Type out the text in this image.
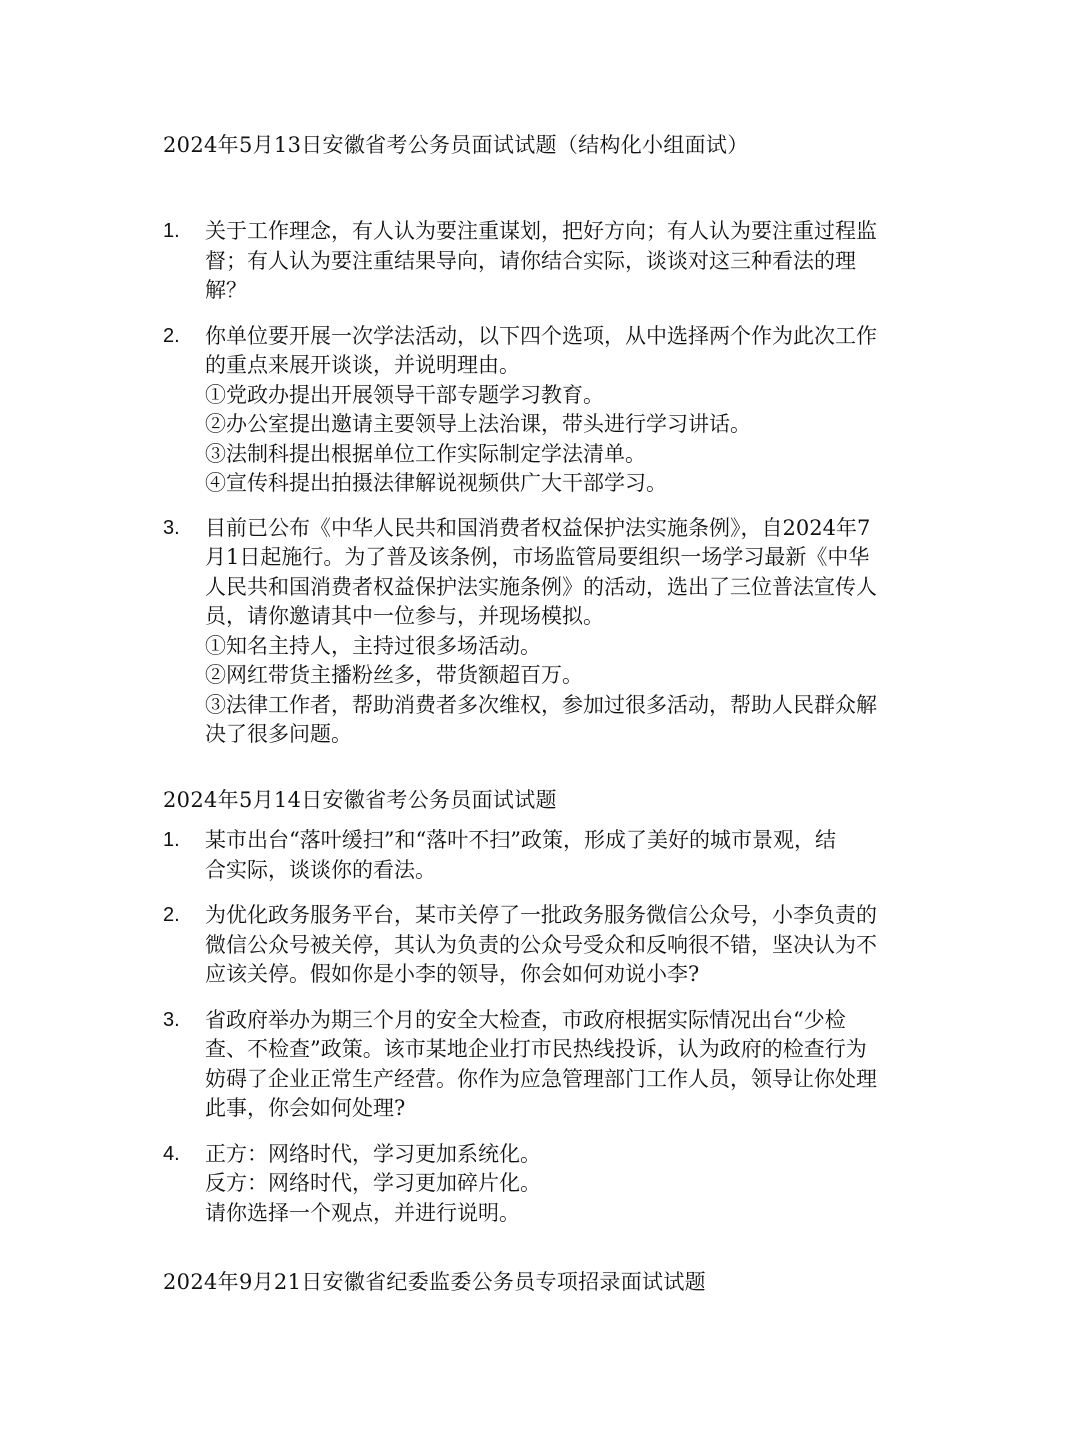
2024年5月13日安徽省考公务员面试试题（结构化小组面试）
1. 关于工作理念，有人认为要注重谋划，把好方向；有人认为要注重过程监
督；有人认为要注重结果导向，请你结合实际，谈谈对这三种看法的理
解？
2. 你单位要开展一次学法活动，以下四个选项，从中选择两个作为此次工作
的重点来展开谈谈，并说明理由。
①党政办提出开展领导干部专题学习教育。
②办公室提出邀请主要领导上法治课，带头进行学习讲话。
③法制科提出根据单位工作实际制定学法清单。
④宣传科提出拍摄法律解说视频供广大干部学习。
3. 目前已公布《中华人民共和国消费者权益保护法实施条例》，自2024年7
月1日起施行。为了普及该条例，市场监管局要组织一场学习最新《中华
人民共和国消费者权益保护法实施条例》的活动，选出了三位普法宣传人
员，请你邀请其中一位参与，并现场模拟。
①知名主持人，主持过很多场活动。
②网红带货主播粉丝多，带货额超百万。
③法律工作者，帮助消费者多次维权，参加过很多活动，帮助人民群众解
决了很多问题。
2024年5月14日安徽省考公务员面试试题
1. 某市出台“落叶缓扫”和“落叶不扫”政策，形成了美好的城市景观，结
合实际，谈谈你的看法。
2. 为优化政务服务平台，某市关停了一批政务服务微信公众号，小李负责的
微信公众号被关停，其认为负责的公众号受众和反响很不错，坚决认为不
应该关停。假如你是小李的领导，你会如何劝说小李?
3. 省政府举办为期三个月的安全大检查，市政府根据实际情况出台“少检
查、不检查”政策。该市某地企业打市民热线投诉，认为政府的检查行为
妨碍了企业正常生产经营。你作为应急管理部门工作人员，领导让你处理
此事，你会如何处理?
4. 正方：网络时代，学习更加系统化。
反方：网络时代，学习更加碎片化。
请你选择一个观点，并进行说明。
2024年9月21日安徽省纪委监委公务员专项招录面试试题
